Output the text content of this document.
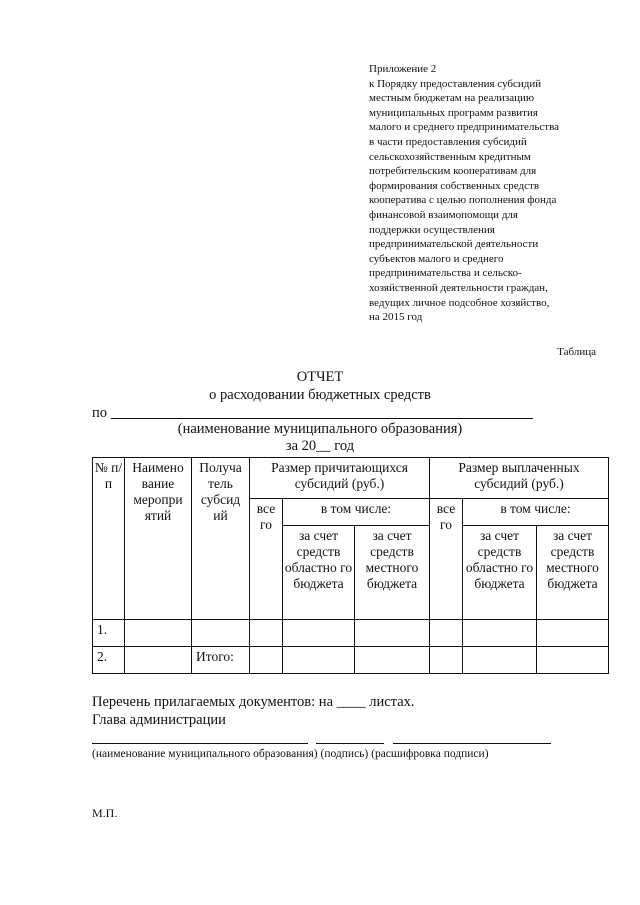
Приложение 2
к Порядку предоставления субсидий
местным бюджетам на реализацию
муниципальных программ развития
малого и среднего предпринимательства
в части предоставления субсидий
сельскохозяйственным кредитным
потребительским кооперативам для
формирования собственных средств
кооператива с целью пополнения фонда
финансовой взаимопомощи для
поддержки осуществления
предпринимательской деятельности
субъектов малого и среднего
предпринимательства и сельско-
хозяйственной деятельности граждан,
ведущих личное подсобное хозяйство,
на 2015 год
Таблица
ОТЧЕТ
о расходовании бюджетных средств
по
(наименование муниципального образования)
за 20__ год
№ п/п	Наимено вание меропри ятий	Получа тель субсид ий	Размер причитающихся субсидий (руб.)			Размер выплаченных субсидий (руб.)		
			все го	в том числе:		все го	в том числе:	
				за счет средств областно го бюджета	за счет средств местного бюджета		за счет средств областно го бюджета	за счет средств местного бюджета
1.								
2.		Итого:						
Перечень прилагаемых документов: на ____ листах.
Глава администрации
(наименование муниципального образования) (подпись) (расшифровка подписи)
М.П.
